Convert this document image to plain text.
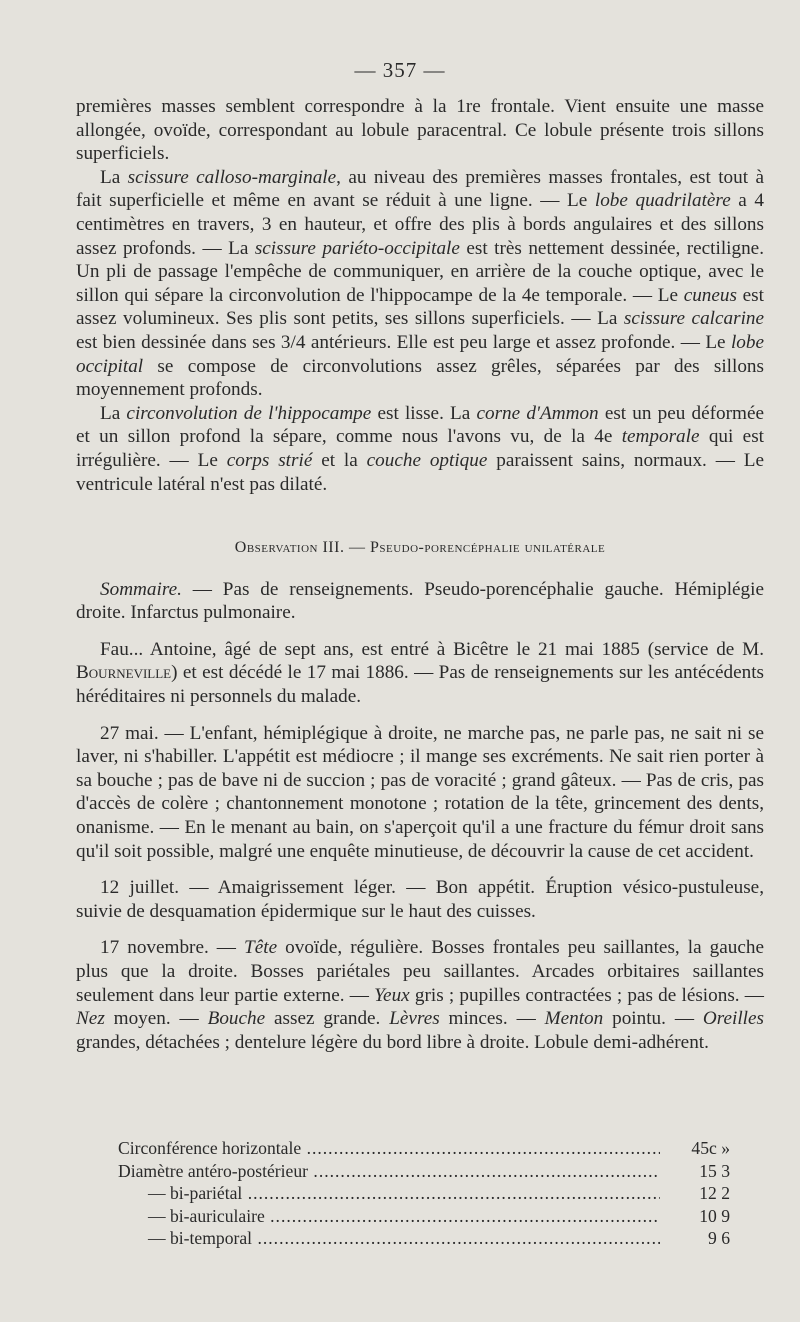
— 357 —

premières masses semblent correspondre à la 1re frontale. Vient ensuite une masse allongée, ovoïde, correspondant au lobule paracentral. Ce lobule présente trois sillons superficiels.

La scissure calloso-marginale, au niveau des premières masses frontales, est tout à fait superficielle et même en avant se réduit à une ligne. — Le lobe quadrilatère a 4 centimètres en travers, 3 en hauteur, et offre des plis à bords angulaires et des sillons assez profonds. — La scissure pariéto-occipitale est très nettement dessinée, rectiligne. Un pli de passage l'empêche de communiquer, en arrière de la couche optique, avec le sillon qui sépare la circonvolution de l'hippocampe de la 4e temporale. — Le cuneus est assez volumineux. Ses plis sont petits, ses sillons superficiels. — La scissure calcarine est bien dessinée dans ses 3/4 antérieurs. Elle est peu large et assez profonde. — Le lobe occipital se compose de circonvolutions assez grêles, séparées par des sillons moyennement profonds.

La circonvolution de l'hippocampe est lisse. La corne d'Ammon est un peu déformée et un sillon profond la sépare, comme nous l'avons vu, de la 4e temporale qui est irrégulière. — Le corps strié et la couche optique paraissent sains, normaux. — Le ventricule latéral n'est pas dilaté.

Observation III. — Pseudo-porencéphalie unilatérale

Sommaire. — Pas de renseignements. Pseudo-porencéphalie gauche. Hémiplégie droite. Infarctus pulmonaire.

Fau... Antoine, âgé de sept ans, est entré à Bicêtre le 21 mai 1885 (service de M. Bourneville) et est décédé le 17 mai 1886. — Pas de renseignements sur les antécédents héréditaires ni personnels du malade.

27 mai. — L'enfant, hémiplégique à droite, ne marche pas, ne parle pas, ne sait ni se laver, ni s'habiller. L'appétit est médiocre ; il mange ses excréments. Ne sait rien porter à sa bouche ; pas de bave ni de succion ; pas de voracité ; grand gâteux. — Pas de cris, pas d'accès de colère ; chantonnement monotone ; rotation de la tête, grincement des dents, onanisme. — En le menant au bain, on s'aperçoit qu'il a une fracture du fémur droit sans qu'il soit possible, malgré une enquête minutieuse, de découvrir la cause de cet accident.

12 juillet. — Amaigrissement léger. — Bon appétit. Éruption vésico-pustuleuse, suivie de desquamation épidermique sur le haut des cuisses.

17 novembre. — Tête ovoïde, régulière. Bosses frontales peu saillantes, la gauche plus que la droite. Bosses pariétales peu saillantes. Arcades orbitaires saillantes seulement dans leur partie externe. — Yeux gris ; pupilles contractées ; pas de lésions. — Nez moyen. — Bouche assez grande. Lèvres minces. — Menton pointu. — Oreilles grandes, détachées ; dentelure légère du bord libre à droite. Lobule demi-adhérent.

Circonférence horizontale .....	45c »
Diamètre antéro-postérieur .....	15 3
— bi-pariétal .....	12 2
— bi-auriculaire .....	10 9
— bi-temporal .....	9 6
